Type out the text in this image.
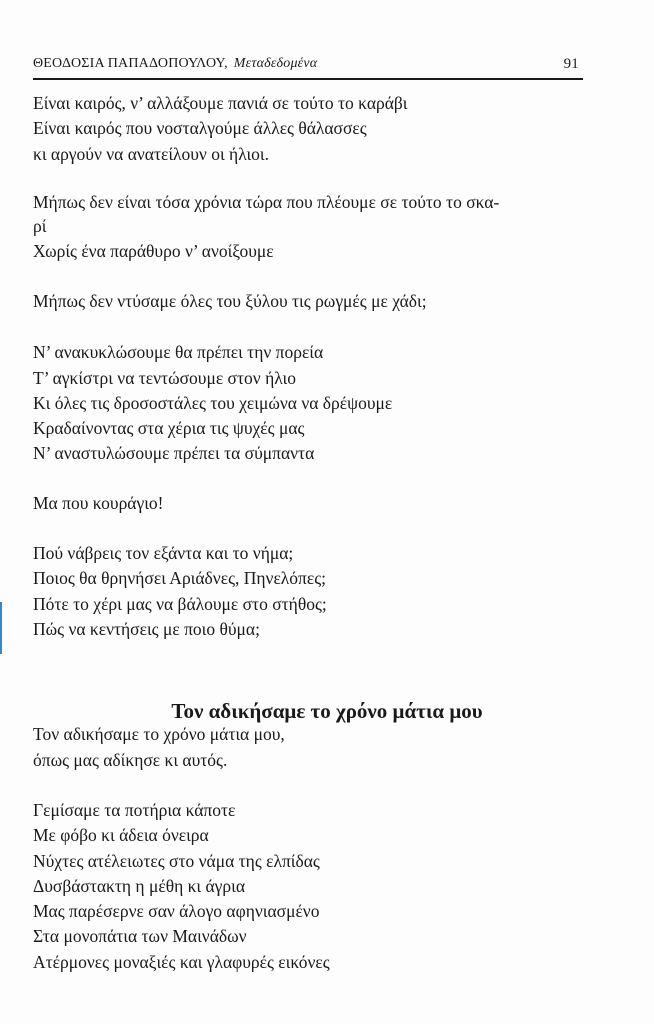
ΘΕΟΔΟΣΙΑ ΠΑΠΑΔΟΠΟΥΛΟΥ, Μεταδεδομένα	91
Είναι καιρός, ν’ αλλάξουμε πανιά σε τούτο το καράβι
Είναι καιρός που νοσταλγούμε άλλες θάλασσες
κι αργούν να ανατείλουν οι ήλιοι.
Μήπως δεν είναι τόσα χρόνια τώρα που πλέουμε σε τούτο το σκα-
ρί
Χωρίς ένα παράθυρο ν’ ανοίξουμε
Μήπως δεν ντύσαμε όλες του ξύλου τις ρωγμές με χάδι;
Ν’ ανακυκλώσουμε θα πρέπει την πορεία
Τ’ αγκίστρι να τεντώσουμε στον ήλιο
Κι όλες τις δροσοστάλες του χειμώνα να δρέψουμε
Κραδαίνοντας στα χέρια τις ψυχές μας
Ν’ αναστυλώσουμε πρέπει τα σύμπαντα
Μα που κουράγιο!
Πού νάβρεις τον εξάντα και το νήμα;
Ποιος θα θρηνήσει Αριάδνες, Πηνελόπες;
Πότε το χέρι μας να βάλουμε στο στήθος;
Πώς να κεντήσεις με ποιο θύμα;
Τον αδικήσαμε το χρόνο μάτια μου
Τον αδικήσαμε το χρόνο μάτια μου,
όπως μας αδίκησε κι αυτός.
Γεμίσαμε τα ποτήρια κάποτε
Με φόβο κι άδεια όνειρα
Νύχτες ατέλειωτες στο νάμα της ελπίδας
Δυσβάστακτη η μέθη κι άγρια
Μας παρέσερνε σαν άλογο αφηνιασμένο
Στα μονοπάτια των Μαινάδων
Ατέρμονες μοναξιές και γλαφυρές εικόνες
